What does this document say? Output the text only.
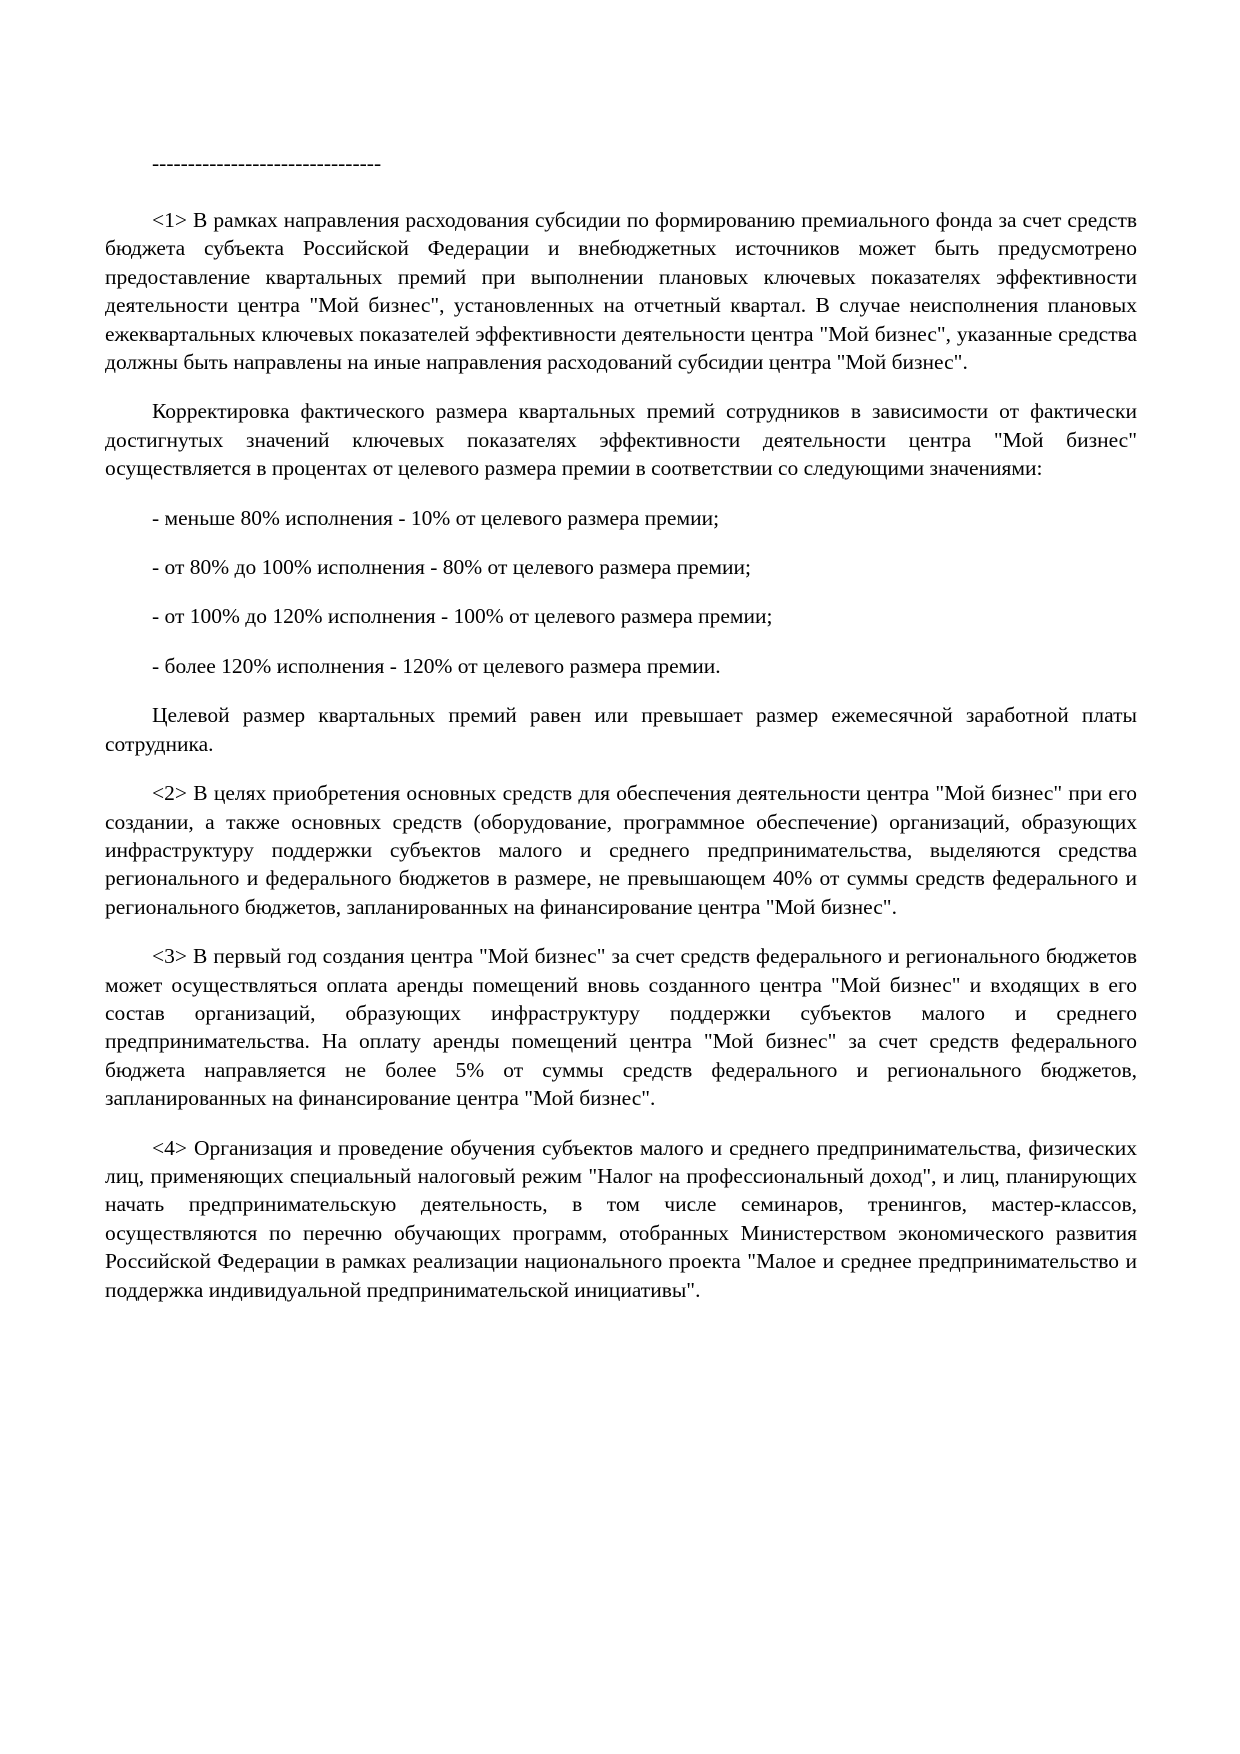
--------------------------------

<1> В рамках направления расходования субсидии по формированию премиального фонда за счет средств бюджета субъекта Российской Федерации и внебюджетных источников может быть предусмотрено предоставление квартальных премий при выполнении плановых ключевых показателях эффективности деятельности центра "Мой бизнес", установленных на отчетный квартал. В случае неисполнения плановых ежеквартальных ключевых показателей эффективности деятельности центра "Мой бизнес", указанные средства должны быть направлены на иные направления расходований субсидии центра "Мой бизнес".

Корректировка фактического размера квартальных премий сотрудников в зависимости от фактически достигнутых значений ключевых показателях эффективности деятельности центра "Мой бизнес" осуществляется в процентах от целевого размера премии в соответствии со следующими значениями:

- меньше 80% исполнения - 10% от целевого размера премии;

- от 80% до 100% исполнения - 80% от целевого размера премии;

- от 100% до 120% исполнения - 100% от целевого размера премии;

- более 120% исполнения - 120% от целевого размера премии.

Целевой размер квартальных премий равен или превышает размер ежемесячной заработной платы сотрудника.

<2> В целях приобретения основных средств для обеспечения деятельности центра "Мой бизнес" при его создании, а также основных средств (оборудование, программное обеспечение) организаций, образующих инфраструктуру поддержки субъектов малого и среднего предпринимательства, выделяются средства регионального и федерального бюджетов в размере, не превышающем 40% от суммы средств федерального и регионального бюджетов, запланированных на финансирование центра "Мой бизнес".

<3> В первый год создания центра "Мой бизнес" за счет средств федерального и регионального бюджетов может осуществляться оплата аренды помещений вновь созданного центра "Мой бизнес" и входящих в его состав организаций, образующих инфраструктуру поддержки субъектов малого и среднего предпринимательства. На оплату аренды помещений центра "Мой бизнес" за счет средств федерального бюджета направляется не более 5% от суммы средств федерального и регионального бюджетов, запланированных на финансирование центра "Мой бизнес".

<4> Организация и проведение обучения субъектов малого и среднего предпринимательства, физических лиц, применяющих специальный налоговый режим "Налог на профессиональный доход", и лиц, планирующих начать предпринимательскую деятельность, в том числе семинаров, тренингов, мастер-классов, осуществляются по перечню обучающих программ, отобранных Министерством экономического развития Российской Федерации в рамках реализации национального проекта "Малое и среднее предпринимательство и поддержка индивидуальной предпринимательской инициативы".
